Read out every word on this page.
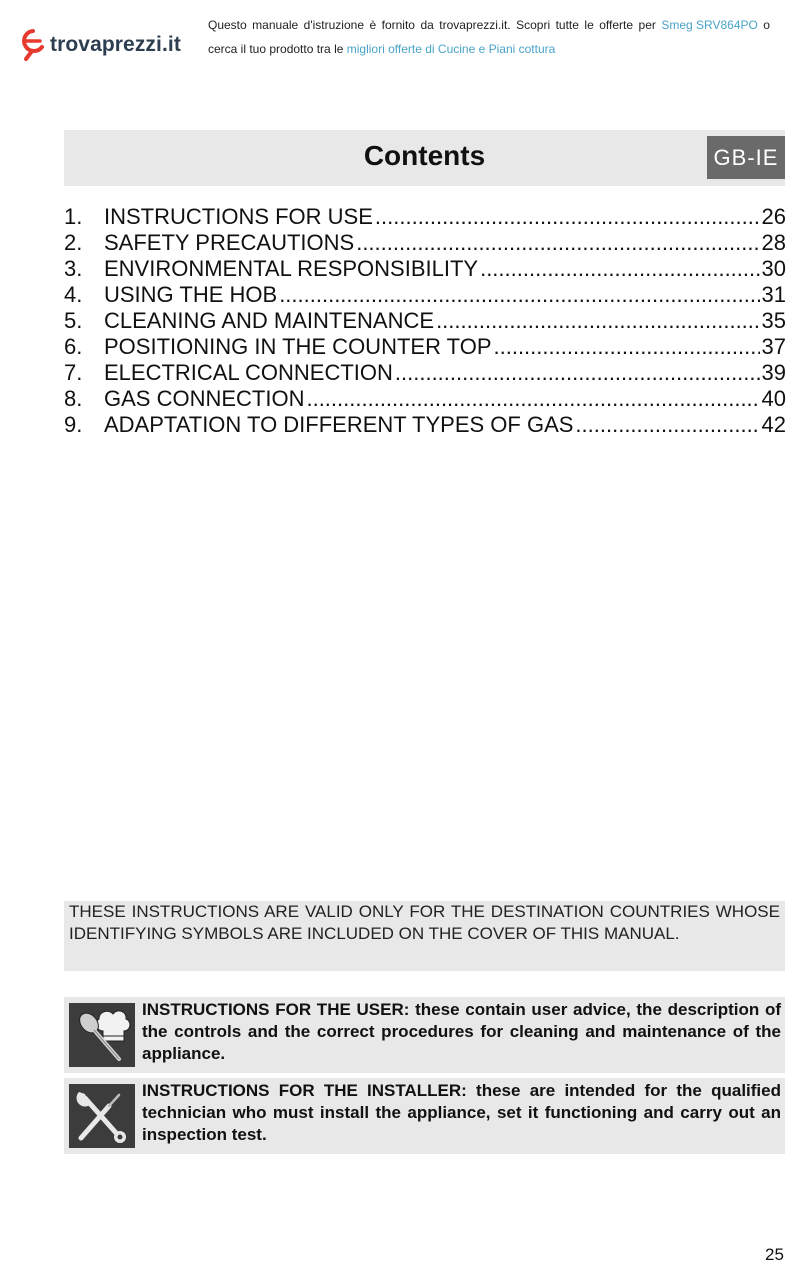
trovaprezzi.it
Questo manuale d'istruzione è fornito da trovaprezzi.it. Scopri tutte le offerte per Smeg SRV864PO o
cerca il tuo prodotto tra le migliori offerte di Cucine e Piani cottura
Contents	GB-IE
1. INSTRUCTIONS FOR USE .....	26
2. SAFETY PRECAUTIONS .....	28
3. ENVIRONMENTAL RESPONSIBILITY .....	30
4. USING THE HOB .....	31
5. CLEANING AND MAINTENANCE .....	35
6. POSITIONING IN THE COUNTER TOP .....	37
7. ELECTRICAL CONNECTION .....	39
8. GAS CONNECTION .....	40
9. ADAPTATION TO DIFFERENT TYPES OF GAS .....	42
THESE INSTRUCTIONS ARE VALID ONLY FOR THE DESTINATION COUNTRIES WHOSE IDENTIFYING SYMBOLS ARE INCLUDED ON THE COVER OF THIS MANUAL.
INSTRUCTIONS FOR THE USER: these contain user advice, the description of the controls and the correct procedures for cleaning and maintenance of the appliance.
INSTRUCTIONS FOR THE INSTALLER: these are intended for the qualified technician who must install the appliance, set it functioning and carry out an inspection test.
25
